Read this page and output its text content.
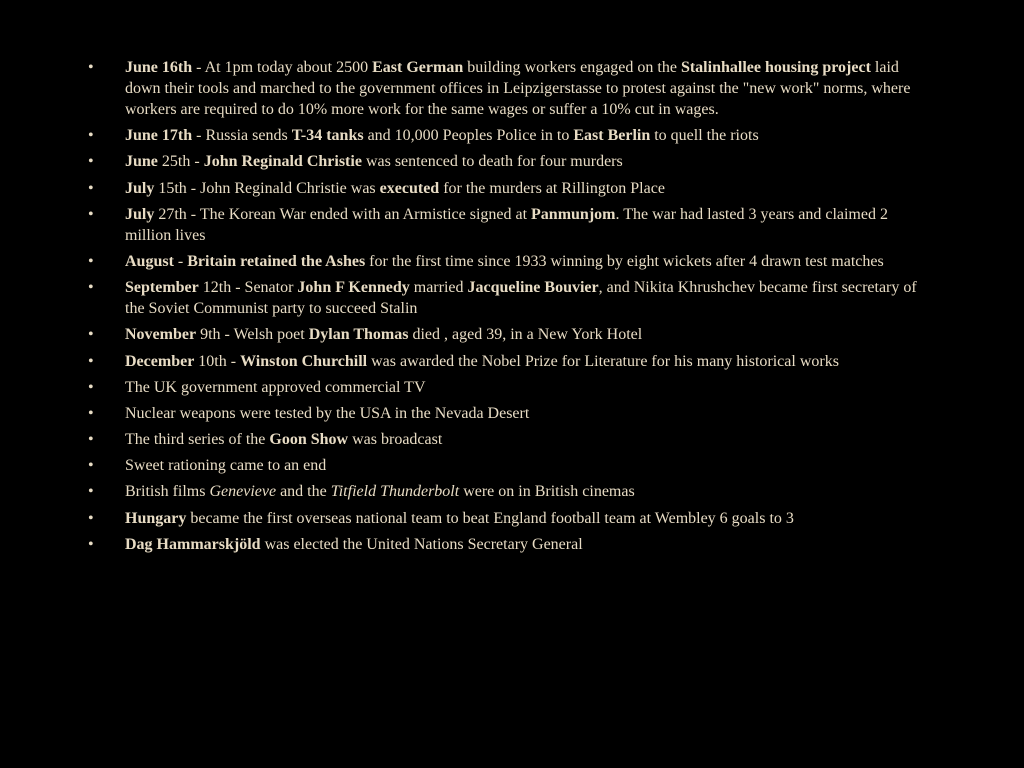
•	June 16th - At 1pm today about 2500 East German building workers engaged on the Stalinhallee housing project laid down their tools and marched to the government offices in Leipzigerstasse to protest against the "new work" norms, where workers are required to do 10% more work for the same wages or suffer a 10% cut in wages.
•	June 17th - Russia sends T-34 tanks and 10,000 Peoples Police in to East Berlin to quell the riots
•	June 25th - John Reginald Christie was sentenced to death for four murders
•	July 15th - John Reginald Christie was executed for the murders at Rillington Place
•	July 27th - The Korean War ended with an Armistice signed at Panmunjom. The war had lasted 3 years and claimed 2 million lives
•	August - Britain retained the Ashes for the first time since 1933 winning by eight wickets after 4 drawn test matches
•	September 12th - Senator John F Kennedy married Jacqueline Bouvier, and Nikita Khrushchev became first secretary of the Soviet Communist party to succeed Stalin
•	November 9th - Welsh poet Dylan Thomas died , aged 39, in a New York Hotel
•	December 10th - Winston Churchill was awarded the Nobel Prize for Literature for his many historical works
•	The UK government approved commercial TV
•	Nuclear weapons were tested by the USA in the Nevada Desert
•	The third series of the Goon Show was broadcast
•	Sweet rationing came to an end
•	British films Genevieve and the Titfield Thunderbolt were on in British cinemas
•	Hungary became the first overseas national team to beat England football team at Wembley 6 goals to 3
•	Dag Hammarskjöld was elected the United Nations Secretary General
